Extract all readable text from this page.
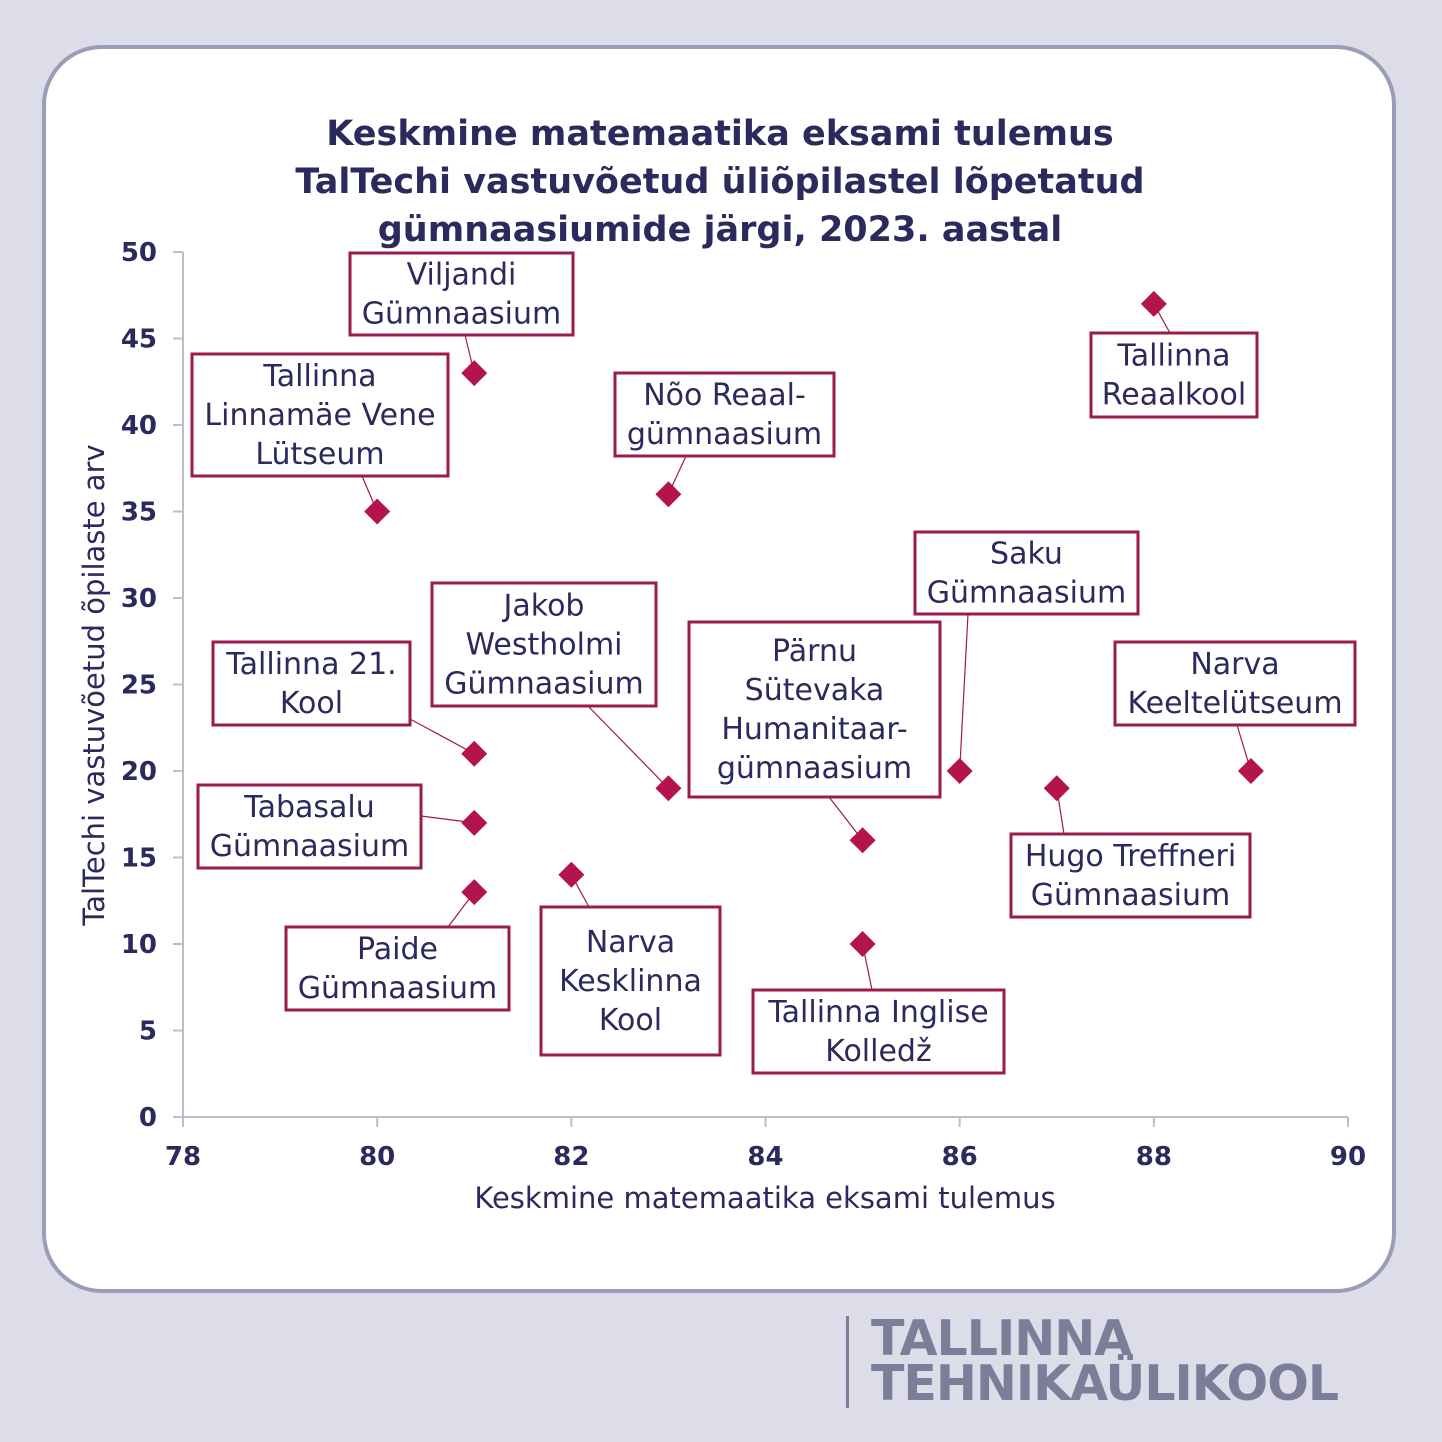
Keskmine matemaatika eksami tulemus
TalTechi vastuvõetud üliõpilastel lõpetatud
gümnaasiumide järgi, 2023. aastal
0
5
10
15
20
25
30
35
40
45
50
78	80	82	84	86	88	90
Keskmine matemaatika eksami tulemus
TalTechi vastuvõetud õpilaste arv
Viljandi
Gümnaasium
Tallinna
Linnamäe Vene
Lütseum
Nõo Reaal-
gümnaasium
Tallinna
Reaalkool
Saku
Gümnaasium
Tallinna 21.
Kool
Jakob
Westholmi
Gümnaasium
Pärnu
Sütevaka
Humanitaar-
gümnaasium
Narva
Keeltelütseum
Tabasalu
Gümnaasium	Hugo Treffneri
Gümnaasium
Paide
Gümnaasium
Narva
Kesklinna
Kool	Tallinna Inglise
Kolledž
TALLINNA
TEHNIKAÜLIKOOL
